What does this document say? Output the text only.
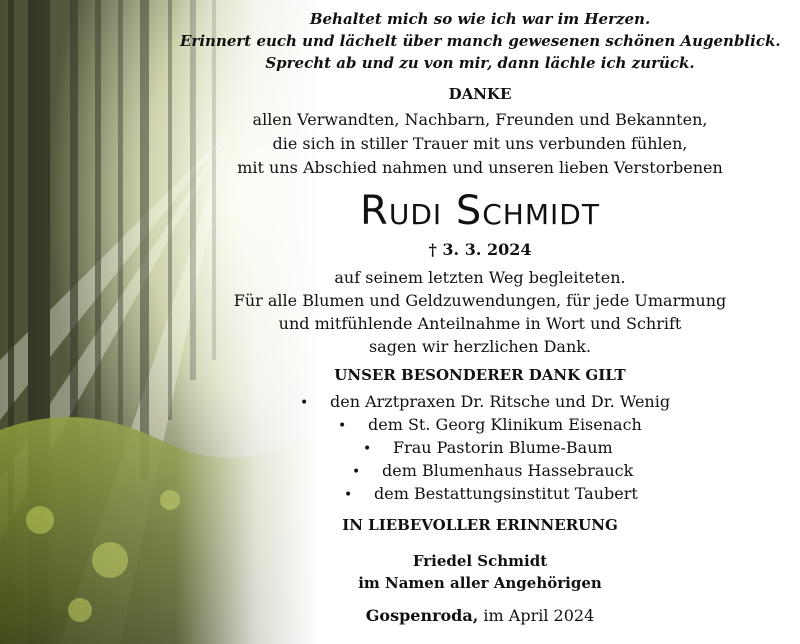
Behaltet mich so wie ich war im Herzen.
Erinnert euch und lächelt über manch gewesenen schönen Augenblick.
Sprecht ab und zu von mir, dann lächle ich zurück.
DANKE
allen Verwandten, Nachbarn, Freunden und Bekannten,
die sich in stiller Trauer mit uns verbunden fühlen,
mit uns Abschied nahmen und unseren lieben Verstorbenen
Rudi Schmidt
† 3. 3. 2024
auf seinem letzten Weg begleiteten.
Für alle Blumen und Geldzuwendungen, für jede Umarmung
und mitfühlende Anteilnahme in Wort und Schrift
sagen wir herzlichen Dank.
UNSER BESONDERER DANK GILT
• den Arztpraxen Dr. Ritsche und Dr. Wenig
• dem St. Georg Klinikum Eisenach
• Frau Pastorin Blume-Baum
• dem Blumenhaus Hassebrauck
• dem Bestattungsinstitut Taubert
IN LIEBEVOLLER ERINNERUNG
Friedel Schmidt
im Namen aller Angehörigen
Gospenroda, im April 2024
